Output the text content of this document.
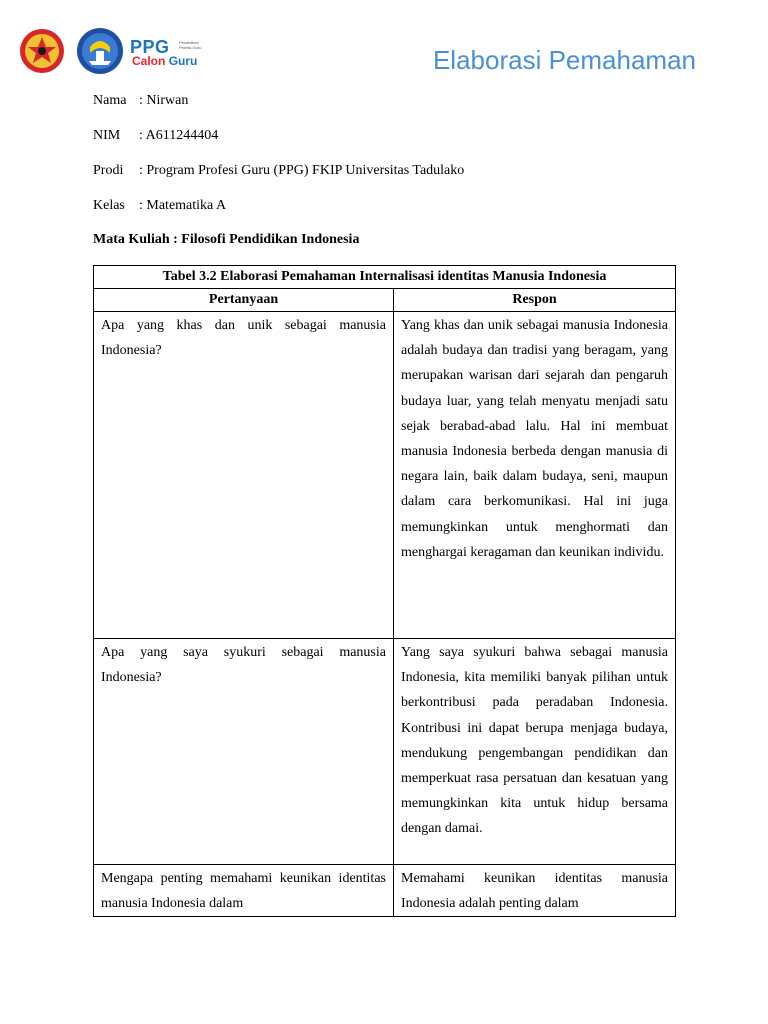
PPG Pendidikan Profesi Guru
Calon Guru	Elaborasi Pemahaman
Nama : Nirwan
NIM : A611244404
Prodi : Program Profesi Guru (PPG) FKIP Universitas Tadulako
Kelas : Matematika A
Mata Kuliah : Filosofi Pendidikan Indonesia
Tabel 3.2 Elaborasi Pemahaman Internalisasi identitas Manusia Indonesia	
Pertanyaan	Respon
Apa yang khas dan unik sebagai manusia Indonesia?	Yang khas dan unik sebagai manusia Indonesia adalah budaya dan tradisi yang beragam, yang merupakan warisan dari sejarah dan pengaruh budaya luar, yang telah menyatu menjadi satu sejak berabad-abad lalu. Hal ini membuat manusia Indonesia berbeda dengan manusia di negara lain, baik dalam budaya, seni, maupun dalam cara berkomunikasi. Hal ini juga memungkinkan untuk menghormati dan menghargai keragaman dan keunikan individu.
Apa yang saya syukuri sebagai manusia Indonesia?	Yang saya syukuri bahwa sebagai manusia Indonesia, kita memiliki banyak pilihan untuk berkontribusi pada peradaban Indonesia. Kontribusi ini dapat berupa menjaga budaya, mendukung pengembangan pendidikan dan memperkuat rasa persatuan dan kesatuan yang memungkinkan kita untuk hidup bersama dengan damai.
Mengapa penting memahami keunikan identitas manusia Indonesia dalam	Memahami keunikan identitas manusia Indonesia adalah penting dalam
